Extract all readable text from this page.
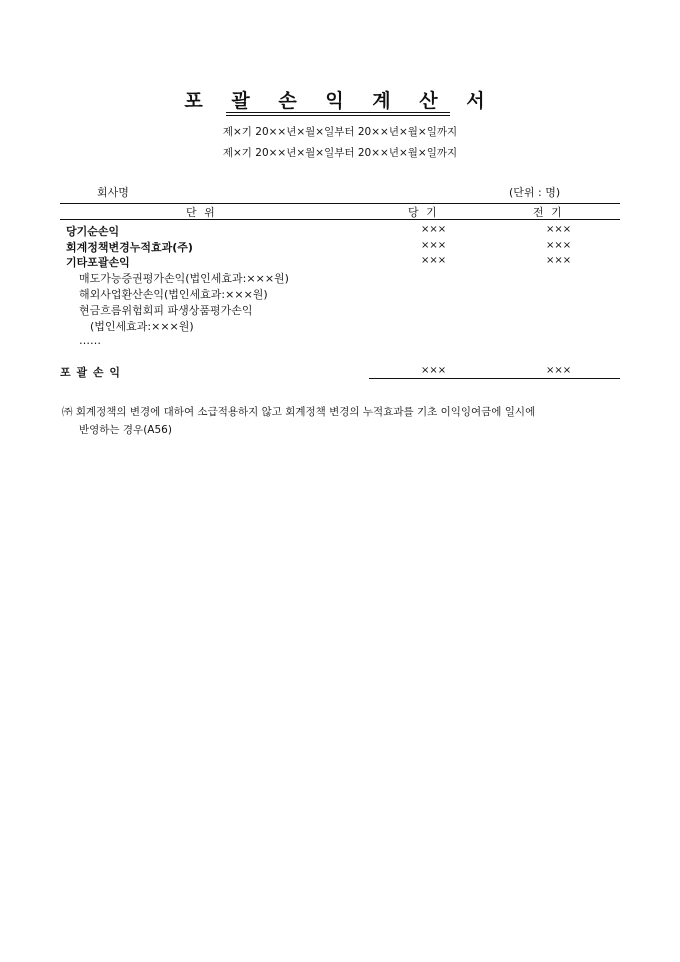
포 괄 손 익 계 산 서
제×기 20××년×월×일부터 20××년×월×일까지
제×기 20××년×월×일부터 20××년×월×일까지
회사명	(단위 : 명)
단 위	당 기	전 기
당기순손익	×××	×××
회계정책변경누적효과(주)	×××	×××
기타포괄손익	×××	×××
매도가능증권평가손익(법인세효과:×××원)
해외사업환산손익(법인세효과:×××원)
현금흐름위험회피 파생상품평가손익
(법인세효과:×××원)
……
포 괄 손 익	×××	×××
㈜ 회계정책의 변경에 대하여 소급적용하지 않고 회계정책 변경의 누적효과를 기초 이익잉여금에 일시에
반영하는 경우(A56)
